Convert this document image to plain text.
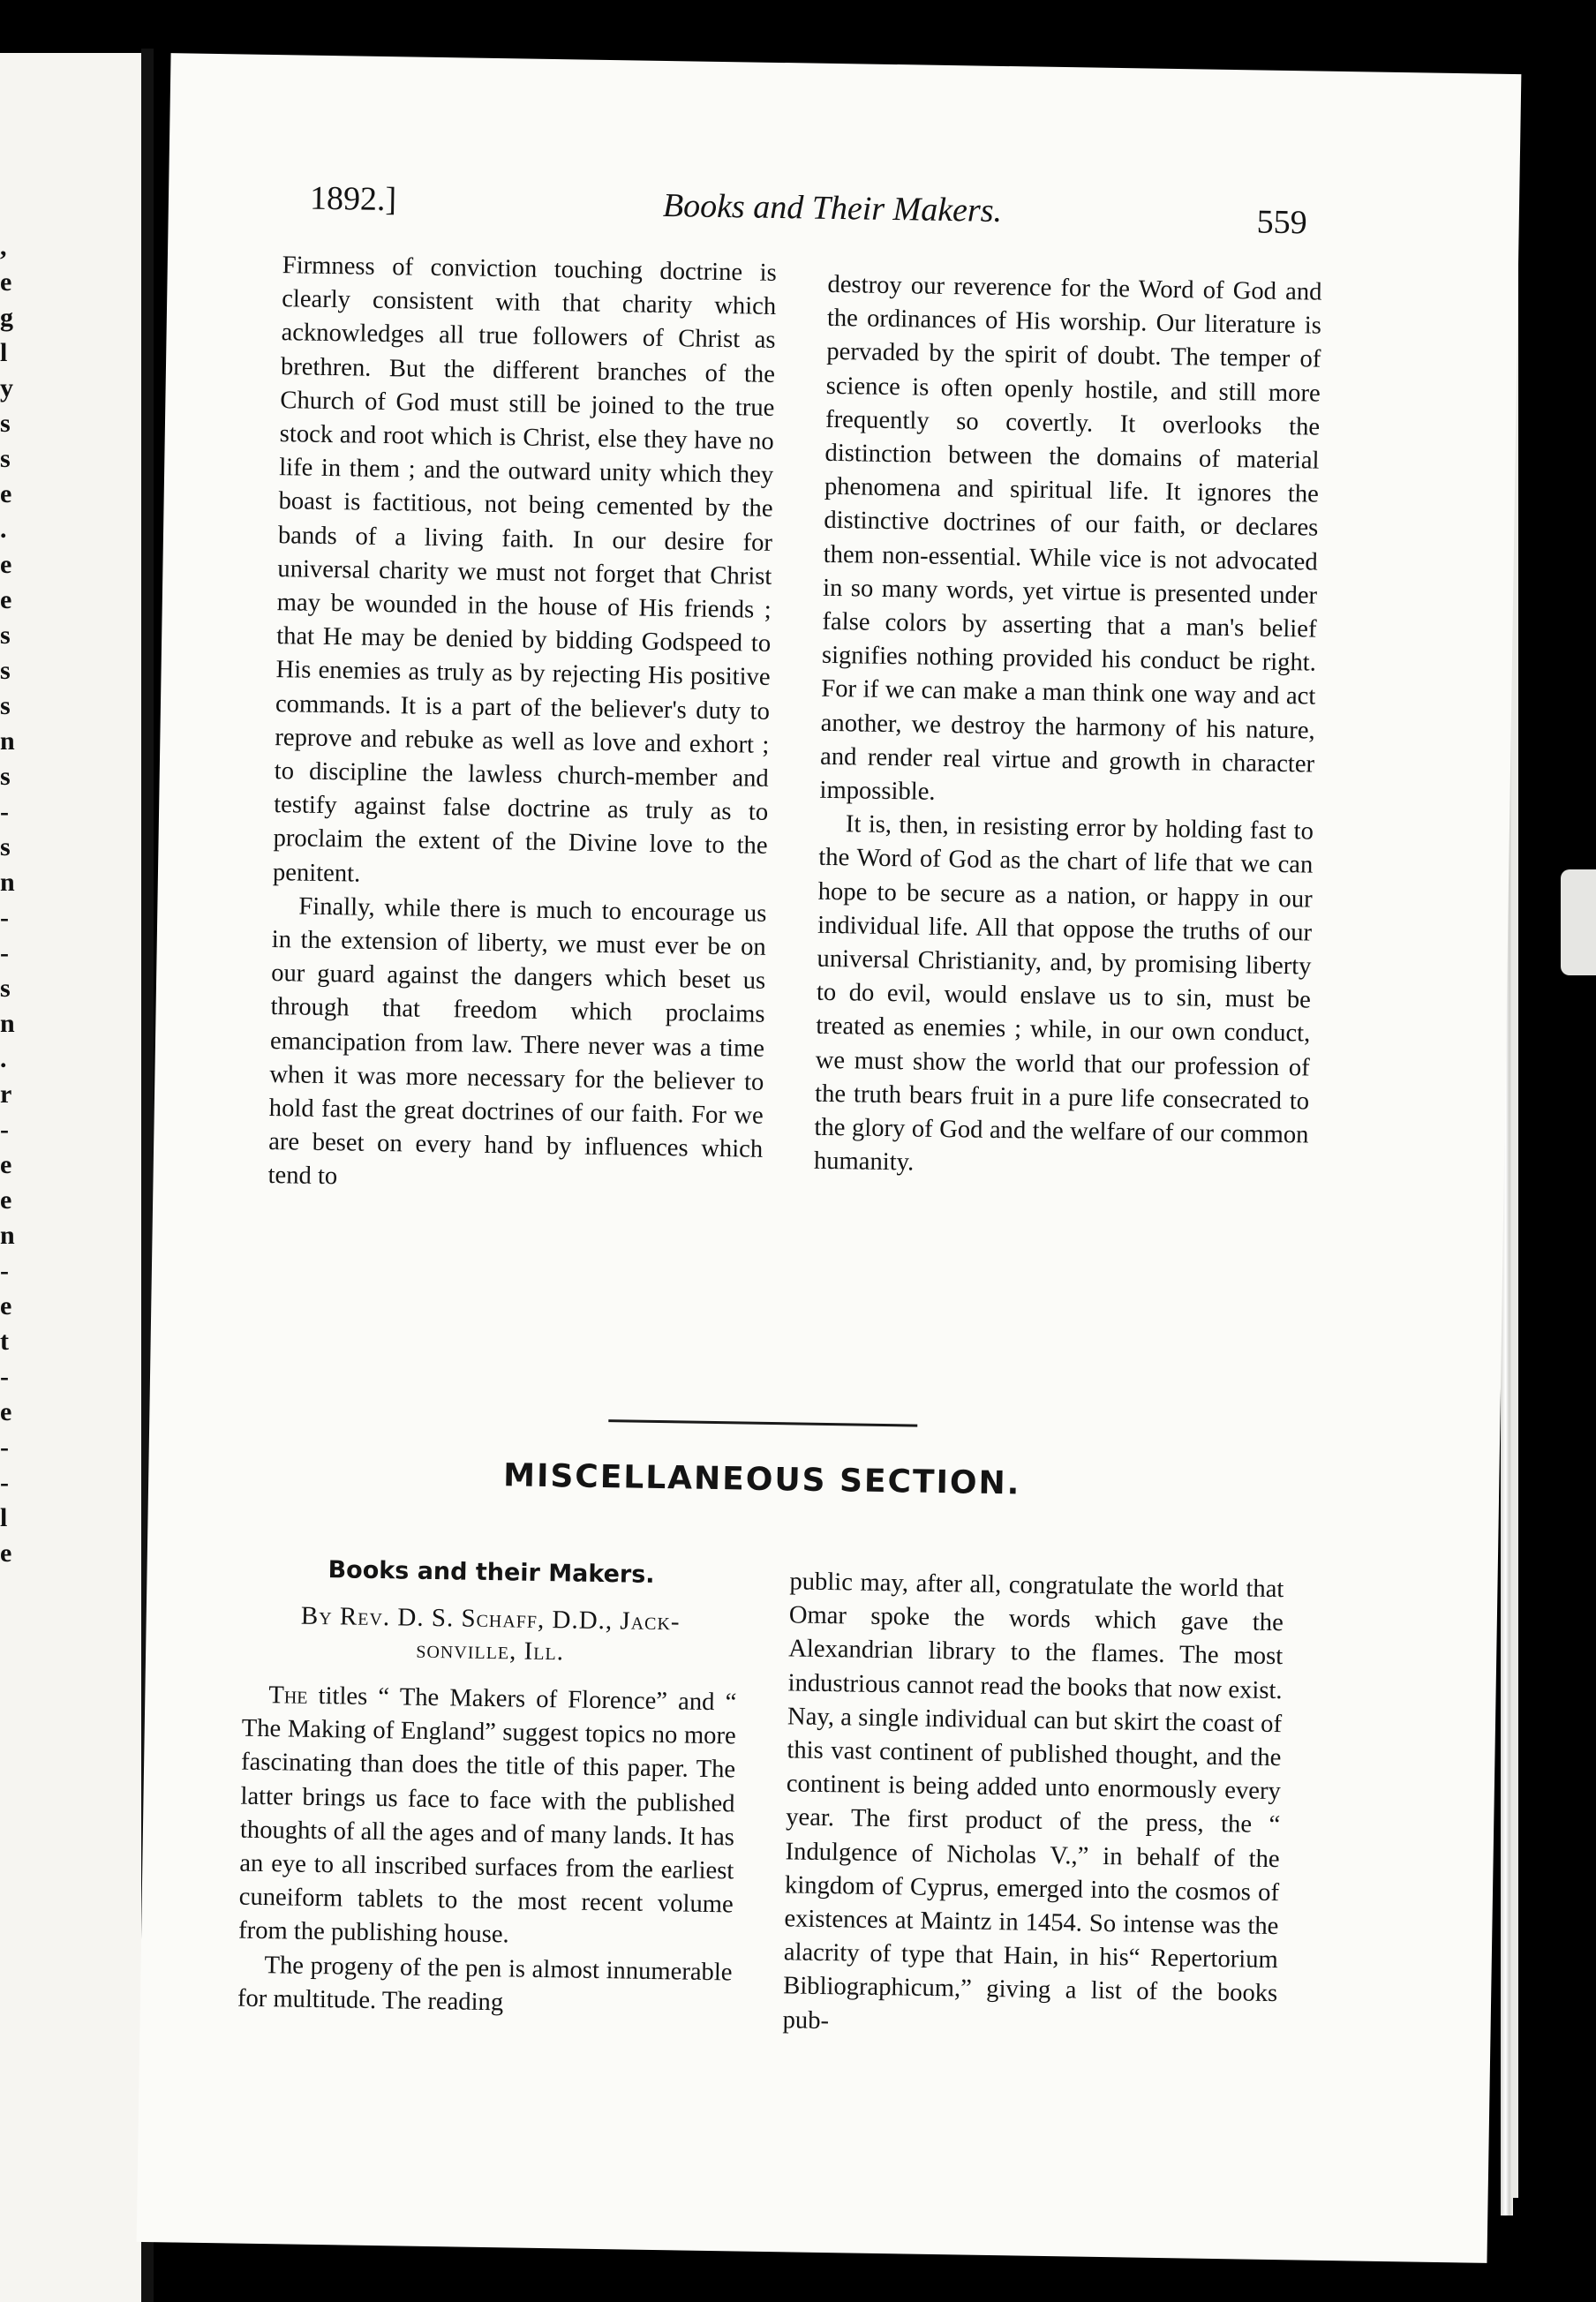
,
e
g
l
y
s
s
e
.
e
e
s
s
s
n
s
-
s
n
-
-
s
n
.
r
-
e
e
n
-
e
t
-
e
-
-
l
e
1892.]	Books and Their Makers.	559

Firmness of conviction touching doctrine is clearly consistent with that charity which acknowledges all true followers of Christ as brethren. But the different branches of the Church of God must still be joined to the true stock and root which is Christ, else they have no life in them ; and the outward unity which they boast is factitious, not being cemented by the bands of a living faith. In our desire for universal charity we must not forget that Christ may be wounded in the house of His friends ; that He may be denied by bidding Godspeed to His enemies as truly as by rejecting His positive commands. It is a part of the believer's duty to reprove and rebuke as well as love and exhort ; to discipline the lawless church-member and testify against false doctrine as truly as to proclaim the extent of the Divine love to the penitent.

Finally, while there is much to encourage us in the extension of liberty, we must ever be on our guard against the dangers which beset us through that freedom which proclaims emancipation from law. There never was a time when it was more necessary for the believer to hold fast the great doctrines of our faith. For we are beset on every hand by influences which tend to

destroy our reverence for the Word of God and the ordinances of His worship. Our literature is pervaded by the spirit of doubt. The temper of science is often openly hostile, and still more frequently so covertly. It overlooks the distinction between the domains of material phenomena and spiritual life. It ignores the distinctive doctrines of our faith, or declares them non-essential. While vice is not advocated in so many words, yet virtue is presented under false colors by asserting that a man's belief signifies nothing provided his conduct be right. For if we can make a man think one way and act another, we destroy the harmony of his nature, and render real virtue and growth in character impossible.

It is, then, in resisting error by holding fast to the Word of God as the chart of life that we can hope to be secure as a nation, or happy in our individual life. All that oppose the truths of our universal Christianity, and, by promising liberty to do evil, would enslave us to sin, must be treated as enemies ; while, in our own conduct, we must show the world that our profession of the truth bears fruit in a pure life consecrated to the glory of God and the welfare of our common humanity.

MISCELLANEOUS SECTION.
Books and their Makers.
By Rev. D. S. Schaff, D.D., Jack-
sonville, Ill.

The titles “ The Makers of Florence” and “ The Making of England” suggest topics no more fascinating than does the title of this paper. The latter brings us face to face with the published thoughts of all the ages and of many lands. It has an eye to all inscribed surfaces from the earliest cuneiform tablets to the most recent volume from the publishing house.

The progeny of the pen is almost innumerable for multitude. The reading

public may, after all, congratulate the world that Omar spoke the words which gave the Alexandrian library to the flames. The most industrious cannot read the books that now exist. Nay, a single individual can but skirt the coast of this vast continent of published thought, and the continent is being added unto enormously every year. The first product of the press, the “ Indulgence of Nicholas V.,” in behalf of the kingdom of Cyprus, emerged into the cosmos of existences at Maintz in 1454. So intense was the alacrity of type that Hain, in his“ Repertorium Bibliographicum,” giving a list of the books pub-
